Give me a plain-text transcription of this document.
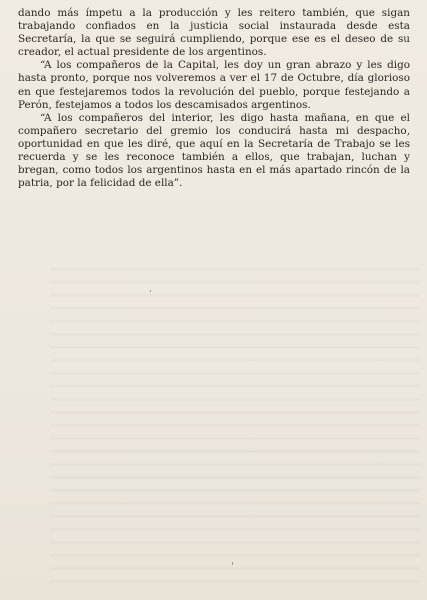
dando más ímpetu a la producción y les reitero también, que sigan trabajando confiados en la justicia social instaurada desde esta Secretaría, la que se seguirá cumpliendo, porque ese es el deseo de su creador, el actual presidente de los argentinos.

“A los compañeros de la Capital, les doy un gran abrazo y les digo hasta pronto, porque nos volveremos a ver el 17 de Octubre, día glorioso en que festejaremos todos la revolución del pueblo, porque festejando a Perón, festejamos a todos los descamisados argentinos.

“A los compañeros del interior, les digo hasta mañana, en que el compañero secretario del gremio los conducirá hasta mi despacho, oportunidad en que les diré, que aquí en la Secretaría de Trabajo se les recuerda y se les reconoce también a ellos, que trabajan, luchan y bregan, como todos los argentinos hasta en el más apartado rincón de la patria, por la felicidad de ella”.
